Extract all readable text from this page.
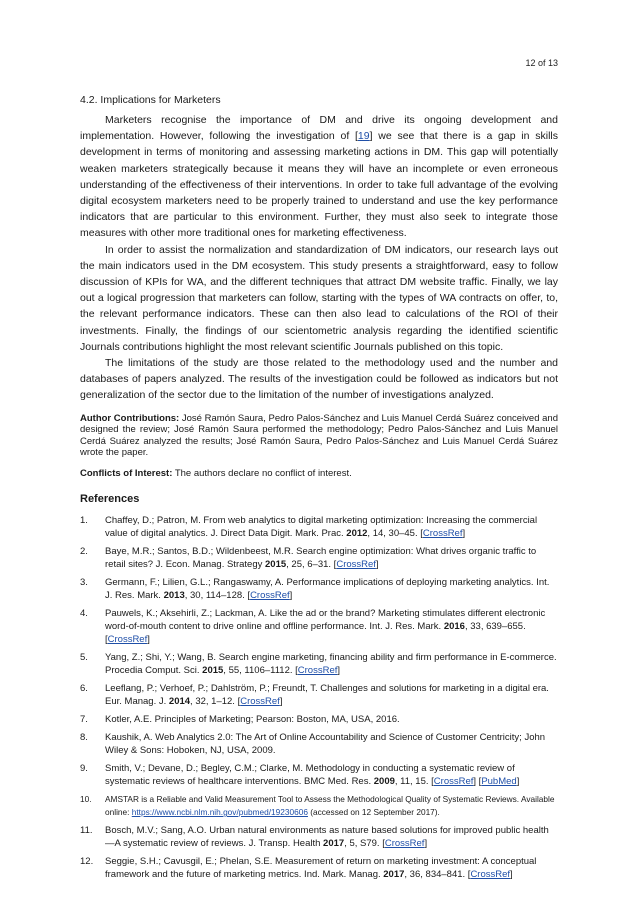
12 of 13
4.2. Implications for Marketers

Marketers recognise the importance of DM and drive its ongoing development and implementation. However, following the investigation of [19] we see that there is a gap in skills development in terms of monitoring and assessing marketing actions in DM. This gap will potentially weaken marketers strategically because it means they will have an incomplete or even erroneous understanding of the effectiveness of their interventions. In order to take full advantage of the evolving digital ecosystem marketers need to be properly trained to understand and use the key performance indicators that are particular to this environment. Further, they must also seek to integrate those measures with other more traditional ones for marketing effectiveness.

In order to assist the normalization and standardization of DM indicators, our research lays out the main indicators used in the DM ecosystem. This study presents a straightforward, easy to follow discussion of KPIs for WA, and the different techniques that attract DM website traffic. Finally, we lay out a logical progression that marketers can follow, starting with the types of WA contracts on offer, to, the relevant performance indicators. These can then also lead to calculations of the ROI of their investments. Finally, the findings of our scientometric analysis regarding the identified scientific Journals contributions highlight the most relevant scientific Journals published on this topic.

The limitations of the study are those related to the methodology used and the number and databases of papers analyzed. The results of the investigation could be followed as indicators but not generalization of the sector due to the limitation of the number of investigations analyzed.

Author Contributions: José Ramón Saura, Pedro Palos-Sánchez and Luis Manuel Cerdá Suárez conceived and designed the review; José Ramón Saura performed the methodology; Pedro Palos-Sánchez and Luis Manuel Cerdá Suárez analyzed the results; José Ramón Saura, Pedro Palos-Sánchez and Luis Manuel Cerdá Suárez wrote the paper.

Conflicts of Interest: The authors declare no conflict of interest.

References
1. Chaffey, D.; Patron, M. From web analytics to digital marketing optimization: Increasing the commercial value of digital analytics. J. Direct Data Digit. Mark. Prac. 2012, 14, 30–45. [CrossRef]
2. Baye, M.R.; Santos, B.D.; Wildenbeest, M.R. Search engine optimization: What drives organic traffic to retail sites? J. Econ. Manag. Strategy 2015, 25, 6–31. [CrossRef]
3. Germann, F.; Lilien, G.L.; Rangaswamy, A. Performance implications of deploying marketing analytics. Int. J. Res. Mark. 2013, 30, 114–128. [CrossRef]
4. Pauwels, K.; Aksehirli, Z.; Lackman, A. Like the ad or the brand? Marketing stimulates different electronic word-of-mouth content to drive online and offline performance. Int. J. Res. Mark. 2016, 33, 639–655. [CrossRef]
5. Yang, Z.; Shi, Y.; Wang, B. Search engine marketing, financing ability and firm performance in E-commerce. Procedia Comput. Sci. 2015, 55, 1106–1112. [CrossRef]
6. Leeflang, P.; Verhoef, P.; Dahlström, P.; Freundt, T. Challenges and solutions for marketing in a digital era. Eur. Manag. J. 2014, 32, 1–12. [CrossRef]
7. Kotler, A.E. Principles of Marketing; Pearson: Boston, MA, USA, 2016.
8. Kaushik, A. Web Analytics 2.0: The Art of Online Accountability and Science of Customer Centricity; John Wiley & Sons: Hoboken, NJ, USA, 2009.
9. Smith, V.; Devane, D.; Begley, C.M.; Clarke, M. Methodology in conducting a systematic review of systematic reviews of healthcare interventions. BMC Med. Res. 2009, 11, 15. [CrossRef] [PubMed]
10. AMSTAR is a Reliable and Valid Measurement Tool to Assess the Methodological Quality of Systematic Reviews. Available online: https://www.ncbi.nlm.nih.gov/pubmed/19230606 (accessed on 12 September 2017).
11. Bosch, M.V.; Sang, A.O. Urban natural environments as nature based solutions for improved public health—A systematic review of reviews. J. Transp. Health 2017, 5, S79. [CrossRef]
12. Seggie, S.H.; Cavusgil, E.; Phelan, S.E. Measurement of return on marketing investment: A conceptual framework and the future of marketing metrics. Ind. Mark. Manag. 2017, 36, 834–841. [CrossRef]
